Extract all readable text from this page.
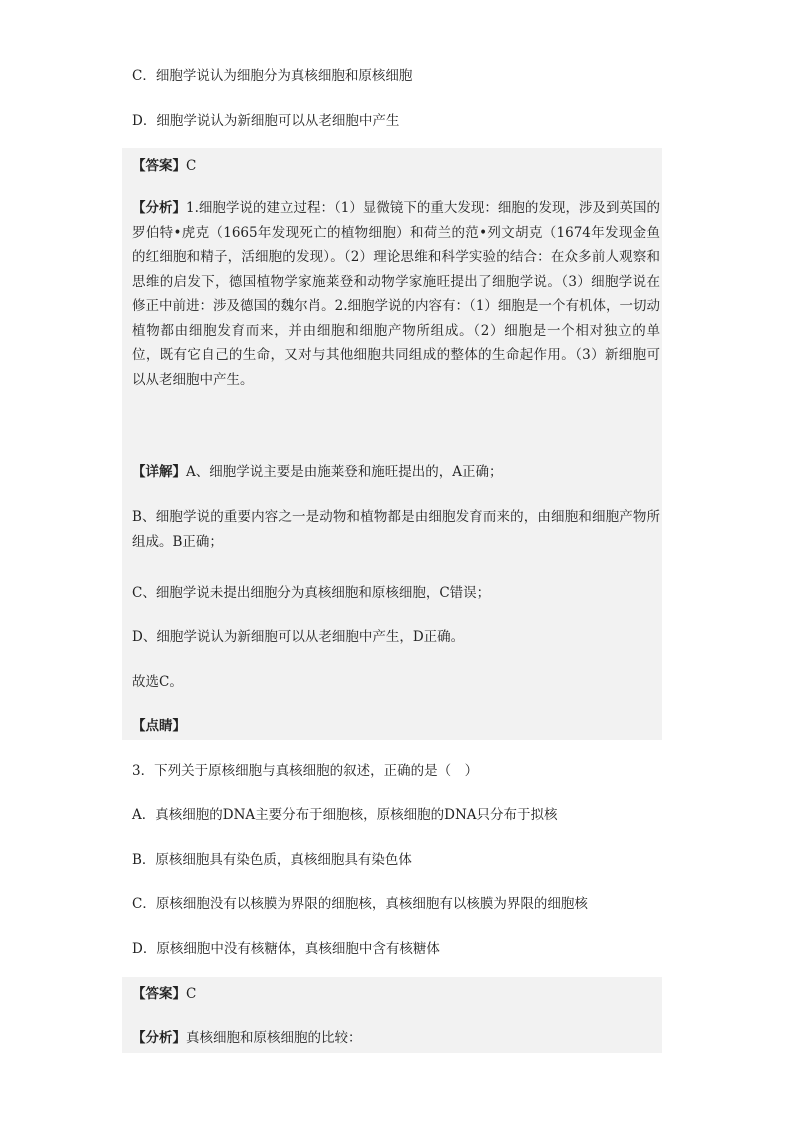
C．细胞学说认为细胞分为真核细胞和原核细胞
D．细胞学说认为新细胞可以从老细胞中产生
【答案】C

【分析】1.细胞学说的建立过程：（1）显微镜下的重大发现：细胞的发现，涉及到英国的罗伯特•虎克（1665年发现死亡的植物细胞）和荷兰的范•列文胡克（1674年发现金鱼的红细胞和精子，活细胞的发现）。（2）理论思维和科学实验的结合：在众多前人观察和思维的启发下，德国植物学家施莱登和动物学家施旺提出了细胞学说。（3）细胞学说在修正中前进：涉及德国的魏尔肖。2.细胞学说的内容有：（1）细胞是一个有机体，一切动植物都由细胞发育而来，并由细胞和细胞产物所组成。（2）细胞是一个相对独立的单位，既有它自己的生命，又对与其他细胞共同组成的整体的生命起作用。（3）新细胞可以从老细胞中产生。

【详解】A、细胞学说主要是由施莱登和施旺提出的，A正确；

B、细胞学说的重要内容之一是动物和植物都是由细胞发育而来的，由细胞和细胞产物所组成。B正确；

C、细胞学说未提出细胞分为真核细胞和原核细胞，C错误；
D、细胞学说认为新细胞可以从老细胞中产生，D正确。
故选C。
【点睛】
3．下列关于原核细胞与真核细胞的叙述，正确的是（　）
A．真核细胞的DNA主要分布于细胞核，原核细胞的DNA只分布于拟核
B．原核细胞具有染色质，真核细胞具有染色体
C．原核细胞没有以核膜为界限的细胞核，真核细胞有以核膜为界限的细胞核
D．原核细胞中没有核糖体，真核细胞中含有核糖体
【答案】C
【分析】真核细胞和原核细胞的比较：
